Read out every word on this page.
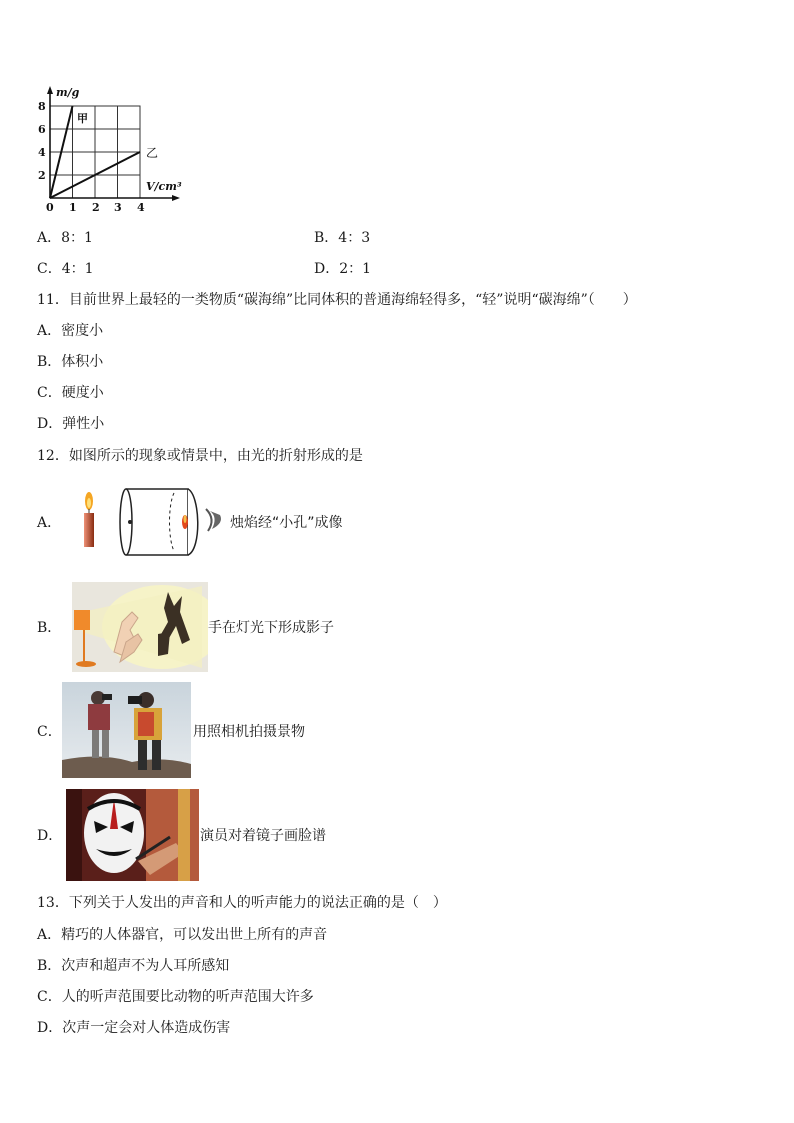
m/g
V/cm³
8
6
4
2
0 1 2 3 4
甲
乙
A．8：1	B．4：3
C．4：1	D．2：1
11．目前世界上最轻的一类物质“碳海绵”比同体积的普通海绵轻得多，“轻”说明“碳海绵”（　　）
A．密度小
B．体积小
C．硬度小
D．弹性小
12．如图所示的现象或情景中，由光的折射形成的是
A．	烛焰经“小孔”成像
B．	手在灯光下形成影子
C．	用照相机拍摄景物
D．	演员对着镜子画脸谱
13．下列关于人发出的声音和人的听声能力的说法正确的是（　）
A．精巧的人体器官，可以发出世上所有的声音
B．次声和超声不为人耳所感知
C．人的听声范围要比动物的听声范围大许多
D．次声一定会对人体造成伤害
